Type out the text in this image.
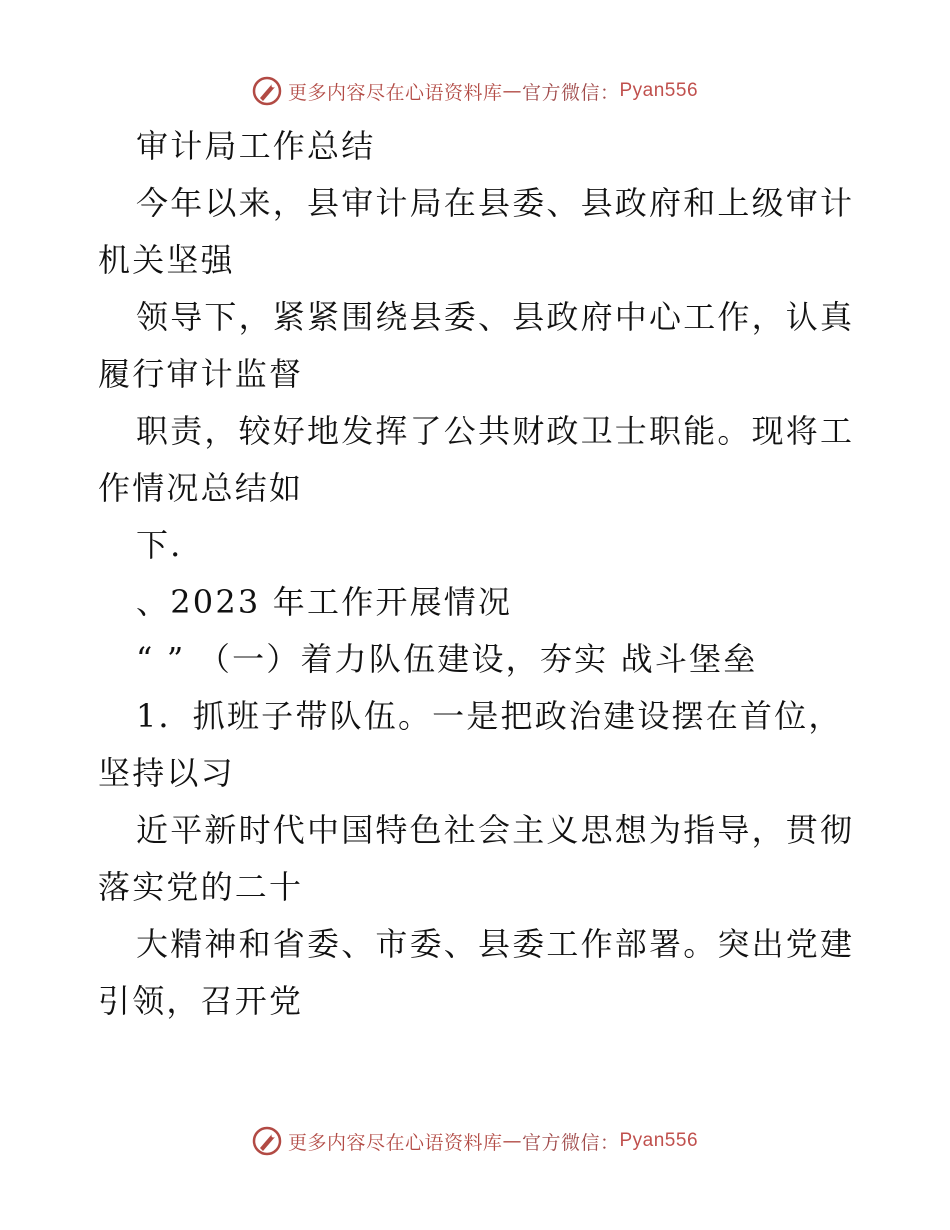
更多内容尽在心语资料库 — 官方微信： Pyan556
审计局工作总结
今年以来，县审计局在县委、县政府和上级审计
机关坚强
领导下，紧紧围绕县委、县政府中心工作，认真
履行审计监督
职责，较好地发挥了公共财政卫士职能。现将工
作情况总结如
下．
、2023 年工作开展情况
“ ” （一）着力队伍建设，夯实 战斗堡垒
1．抓班子带队伍。一是把政治建设摆在首位，
坚持以习
近平新时代中国特色社会主义思想为指导，贯彻
落实党的二十
大精神和省委、市委、县委工作部署。突出党建
引领，召开党
更多内容尽在心语资料库 — 官方微信： Pyan556
